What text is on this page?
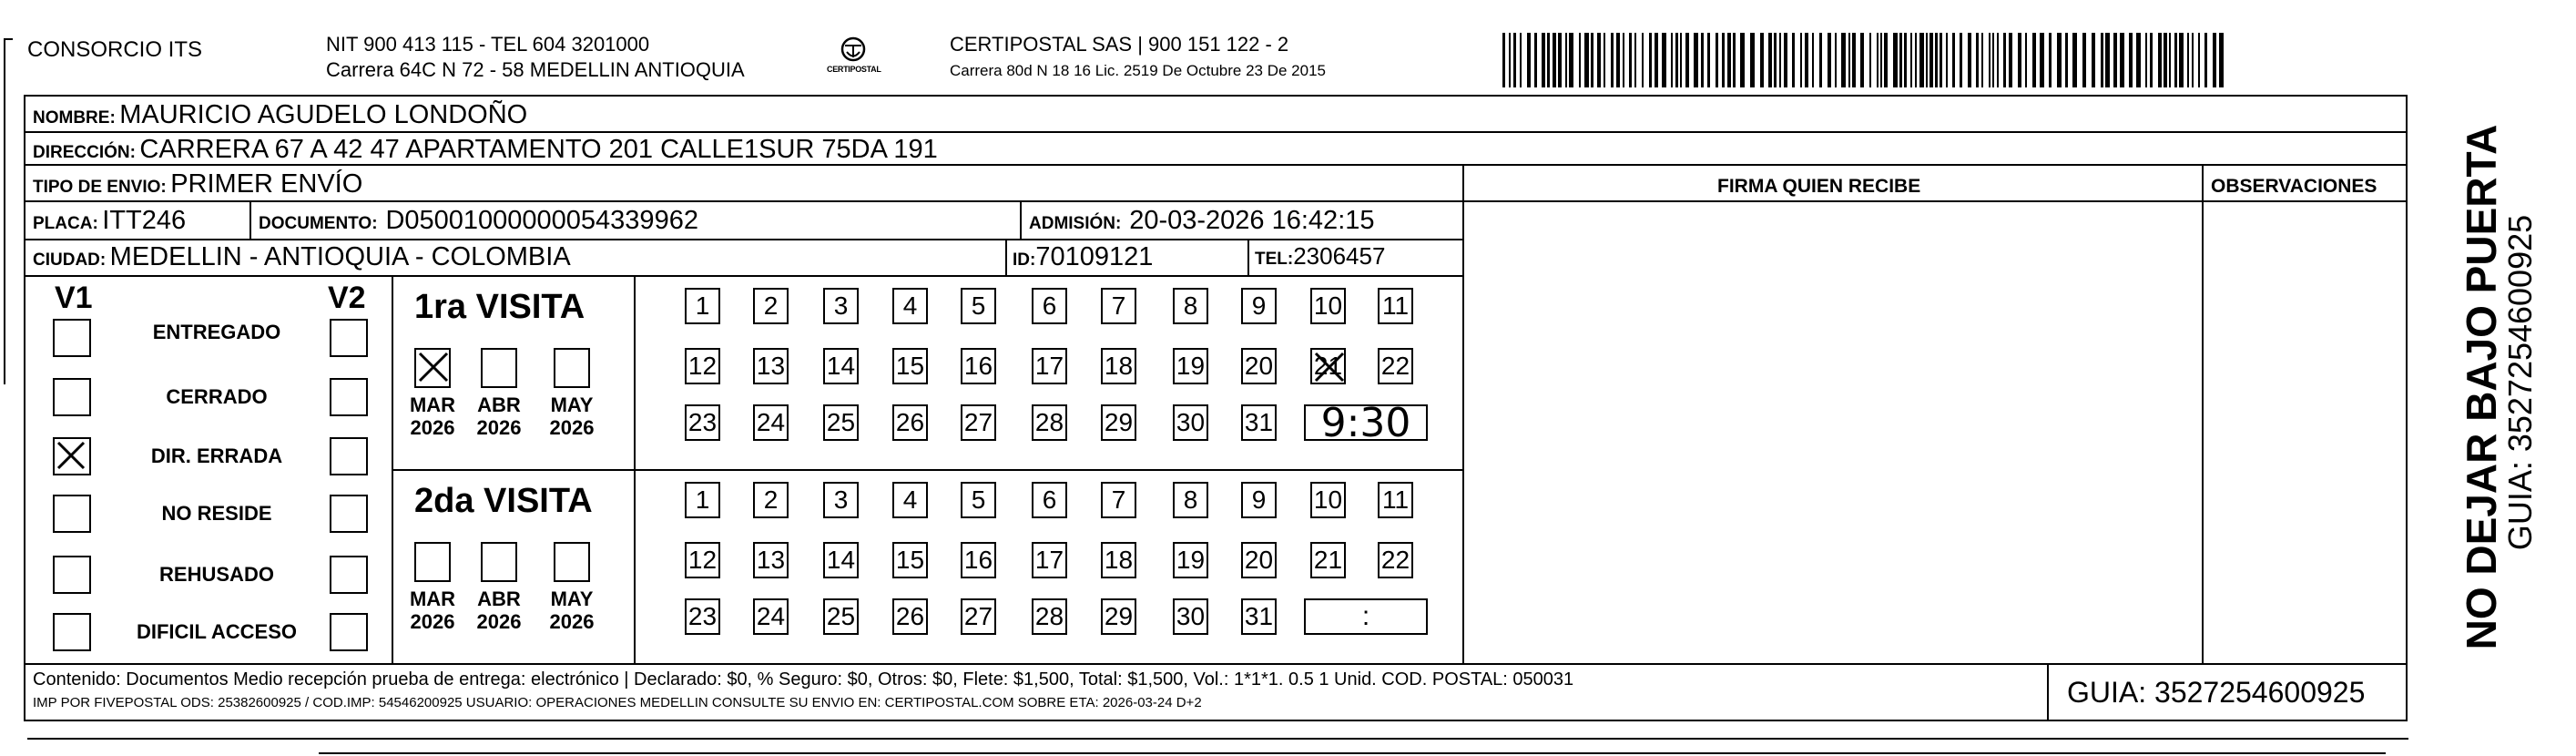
CONSORCIO ITS	NIT 900 413 115 - TEL 604 3201000
Carrera 64C N 72 - 58 MEDELLIN ANTIOQUIA	CERTIPOSTAL
CERTIPOSTAL SAS | 900 151 122 - 2
Carrera 80d N 18 16 Lic. 2519 De Octubre 23 De 2015
NOMBRE: MAURICIO AGUDELO LONDOÑO
DIRECCIÓN: CARRERA 67 A 42 47 APARTAMENTO 201 CALLE1SUR 75DA 191
TIPO DE ENVIO: PRIMER ENVÍO	FIRMA QUIEN RECIBE	OBSERVACIONES
PLACA: ITT246	DOCUMENTO: D05001000000054339962	ADMISIÓN: 20-03-2026 16:42:15
CIUDAD: MEDELLIN - ANTIOQUIA - COLOMBIA	ID:70109121	TEL:2306457
V1	V2
ENTREGADO
CERRADO
DIR. ERRADA
NO RESIDE
REHUSADO
DIFICIL ACCESO
1ra VISITA
MAR
2026
ABR
2026
MAY
2026
1	2	3	4	5	6	7	8	9	10 11
12 13 14 15 16 17 18 19 20 21 22
23 24 25 26 27 28 29 30 31	9:30
2da VISITA
MAR
2026
ABR
2026
MAY
2026
1	2	3	4	5	6	7	8	9	10 11
12 13 14 15 16 17 18 19 20 21 22
23 24 25 26 27 28 29 30 31	:
Contenido: Documentos Medio recepción prueba de entrega: electrónico | Declarado: $0, % Seguro: $0, Otros: $0, Flete: $1,500, Total: $1,500, Vol.: 1*1*1. 0.5 1 Unid. COD. POSTAL: 050031
IMP POR FIVEPOSTAL ODS: 25382600925 / COD.IMP: 54546200925 USUARIO: OPERACIONES MEDELLIN CONSULTE SU ENVIO EN: CERTIPOSTAL.COM SOBRE ETA: 2026-03-24 D+2	GUIA: 3527254600925
NO DEJAR BAJO PUERTA
GUIA: 3527254600925
